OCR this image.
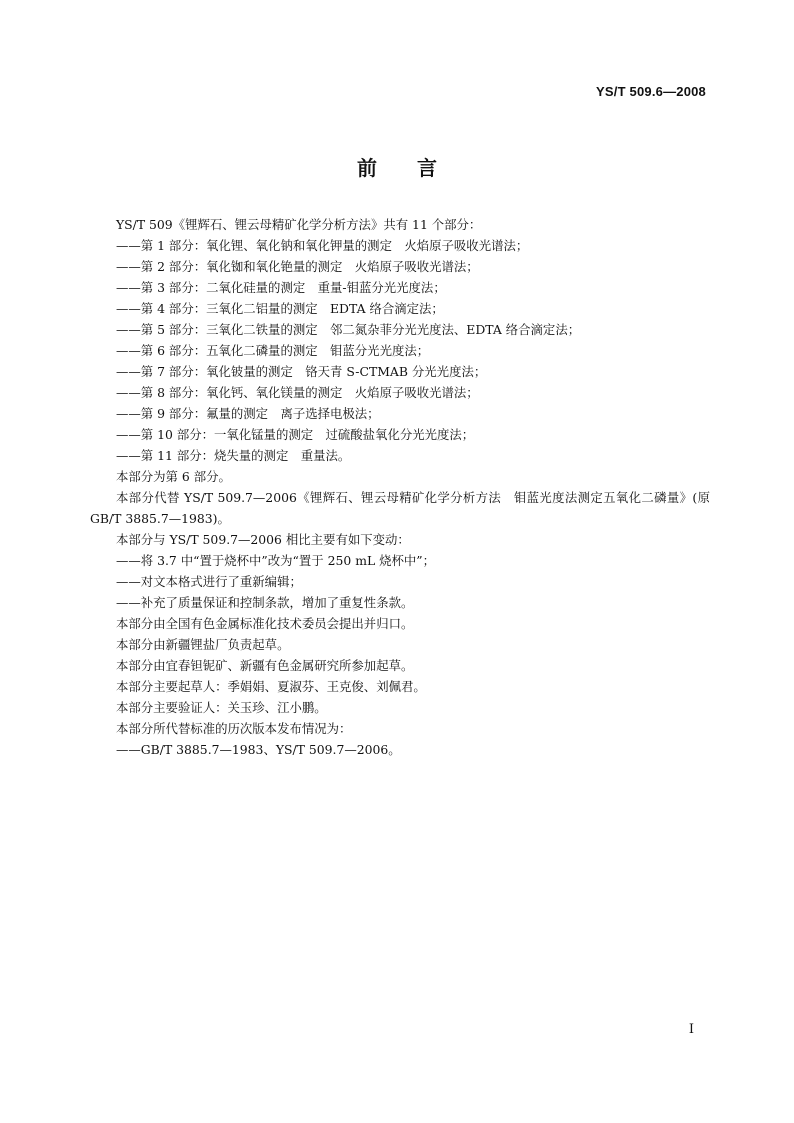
YS/T 509.6—2008
前言

YS/T 509《锂辉石、锂云母精矿化学分析方法》共有 11 个部分：

——第 1 部分：氧化锂、氧化钠和氧化钾量的测定　火焰原子吸收光谱法；

——第 2 部分：氧化铷和氧化铯量的测定　火焰原子吸收光谱法；

——第 3 部分：二氧化硅量的测定　重量-钼蓝分光光度法；

——第 4 部分：三氧化二铝量的测定　EDTA 络合滴定法；

——第 5 部分：三氧化二铁量的测定　邻二氮杂菲分光光度法、EDTA 络合滴定法；

——第 6 部分：五氧化二磷量的测定　钼蓝分光光度法；

——第 7 部分：氧化铍量的测定　铬天青 S-CTMAB 分光光度法；

——第 8 部分：氧化钙、氧化镁量的测定　火焰原子吸收光谱法；

——第 9 部分：氟量的测定　离子选择电极法；

——第 10 部分：一氧化锰量的测定　过硫酸盐氧化分光光度法；

——第 11 部分：烧失量的测定　重量法。

本部分为第 6 部分。

本部分代替 YS/T 509.7—2006《锂辉石、锂云母精矿化学分析方法　钼蓝光度法测定五氧化二磷量》(原 GB/T 3885.7—1983)。

本部分与 YS/T 509.7—2006 相比主要有如下变动：

——将 3.7 中“置于烧杯中”改为“置于 250 mL 烧杯中”；

——对文本格式进行了重新编辑；

——补充了质量保证和控制条款，增加了重复性条款。

本部分由全国有色金属标准化技术委员会提出并归口。

本部分由新疆锂盐厂负责起草。

本部分由宜春钽铌矿、新疆有色金属研究所参加起草。

本部分主要起草人：季娟娟、夏淑芬、王克俊、刘佩君。

本部分主要验证人：关玉珍、江小鹏。

本部分所代替标准的历次版本发布情况为：

——GB/T 3885.7—1983、YS/T 509.7—2006。

I
